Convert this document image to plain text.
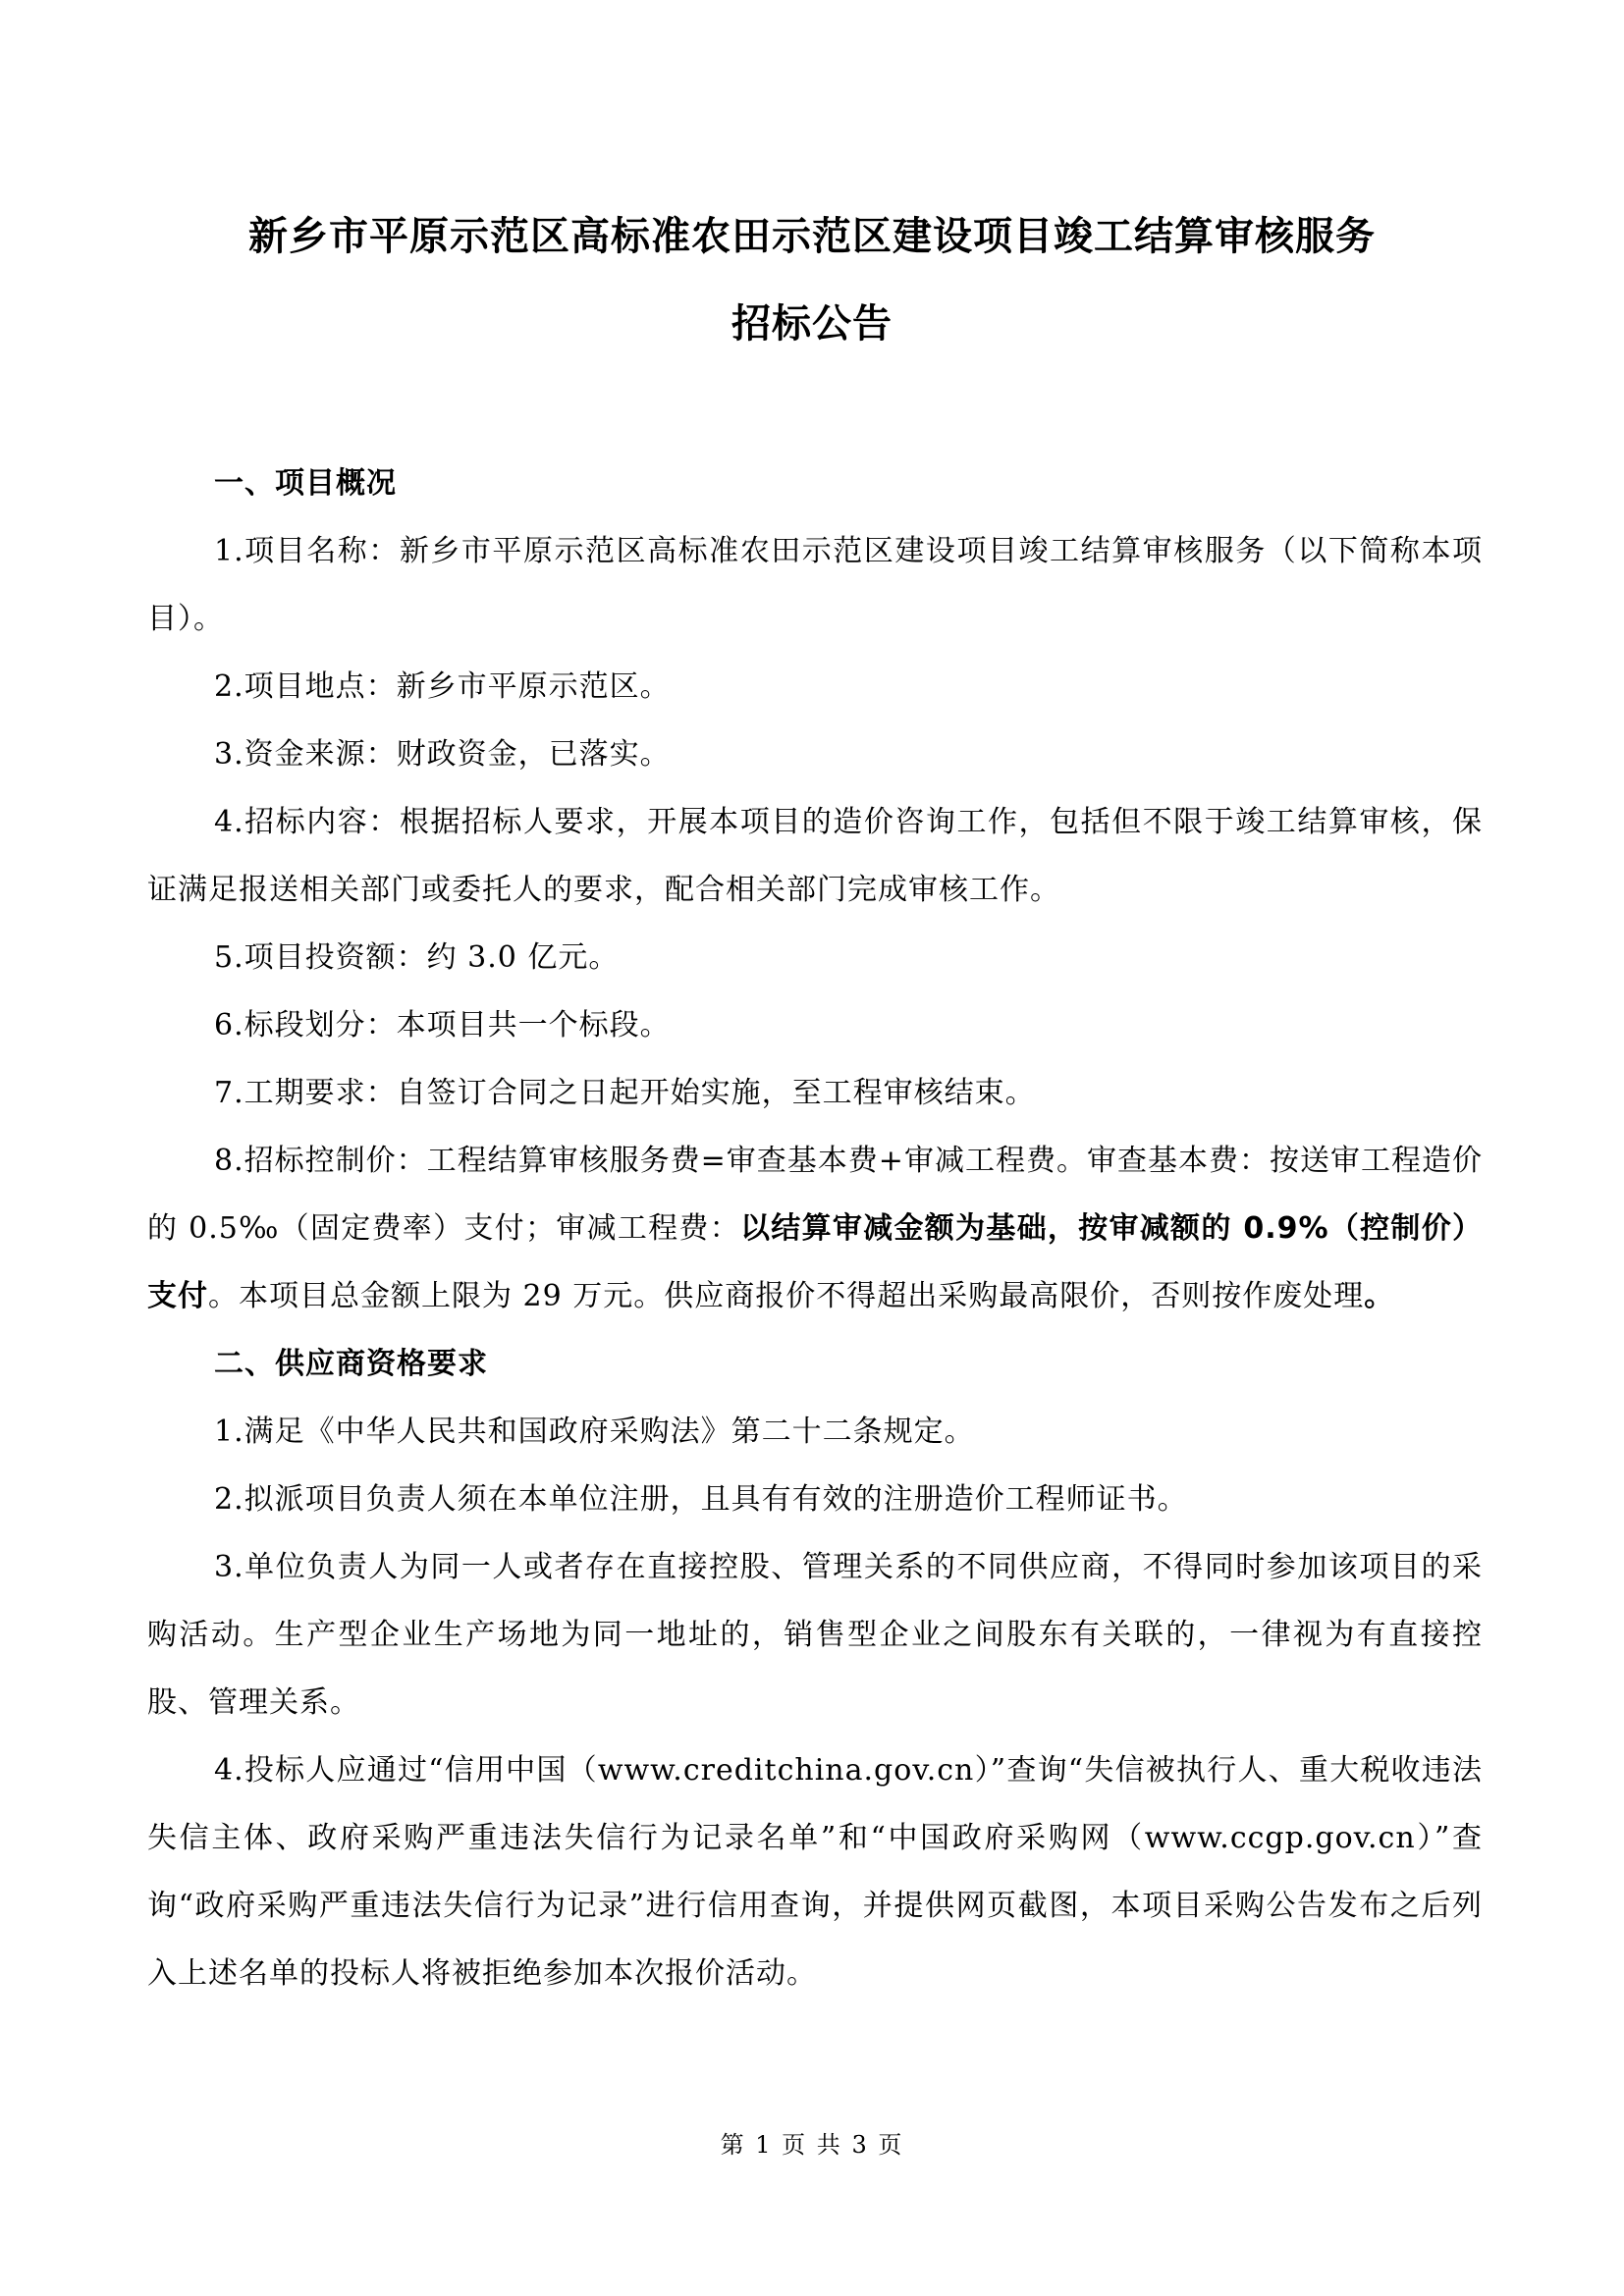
新乡市平原示范区高标准农田示范区建设项目竣工结算审核服务
招标公告

一、项目概况

1.项目名称：新乡市平原示范区高标准农田示范区建设项目竣工结算审核服务（以下简称本项目）。

2.项目地点：新乡市平原示范区。

3.资金来源：财政资金，已落实。

4.招标内容：根据招标人要求，开展本项目的造价咨询工作，包括但不限于竣工结算审核，保证满足报送相关部门或委托人的要求，配合相关部门完成审核工作。

5.项目投资额：约 3.0 亿元。

6.标段划分：本项目共一个标段。

7.工期要求：自签订合同之日起开始实施，至工程审核结束。

8.招标控制价：工程结算审核服务费=审查基本费+审减工程费。审查基本费：按送审工程造价的 0.5‰（固定费率）支付；审减工程费：以结算审减金额为基础，按审减额的 0.9%（控制价）支付。本项目总金额上限为 29 万元。供应商报价不得超出采购最高限价，否则按作废处理。

二、供应商资格要求

1.满足《中华人民共和国政府采购法》第二十二条规定。

2.拟派项目负责人须在本单位注册，且具有有效的注册造价工程师证书。

3.单位负责人为同一人或者存在直接控股、管理关系的不同供应商，不得同时参加该项目的采购活动。生产型企业生产场地为同一地址的，销售型企业之间股东有关联的，一律视为有直接控股、管理关系。

4.投标人应通过“信用中国（www.creditchina.gov.cn）”查询“失信被执行人、重大税收违法失信主体、政府采购严重违法失信行为记录名单”和“中国政府采购网（www.ccgp.gov.cn）”查询“政府采购严重违法失信行为记录”进行信用查询，并提供网页截图，本项目采购公告发布之后列入上述名单的投标人将被拒绝参加本次报价活动。

第 1 页 共 3 页
